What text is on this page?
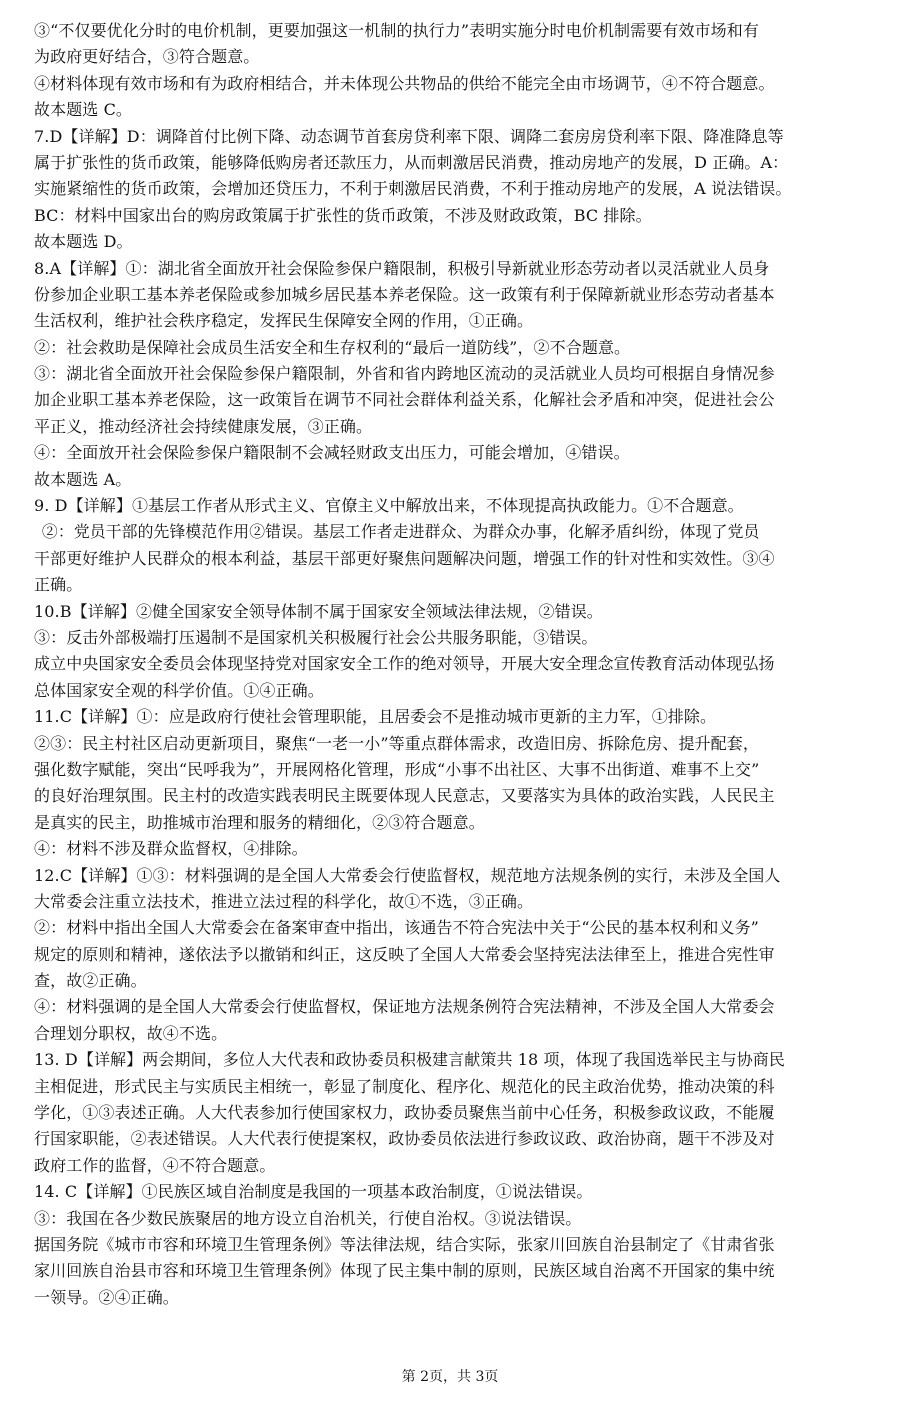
③“不仅要优化分时的电价机制，更要加强这一机制的执行力”表明实施分时电价机制需要有效市场和有
为政府更好结合，③符合题意。
④材料体现有效市场和有为政府相结合，并未体现公共物品的供给不能完全由市场调节，④不符合题意。
故本题选 C。
7.D【详解】D：调降首付比例下降、动态调节首套房贷利率下限、调降二套房房贷利率下限、降准降息等
属于扩张性的货币政策，能够降低购房者还款压力，从而刺激居民消费，推动房地产的发展，D 正确。A：
实施紧缩性的货币政策，会增加还贷压力，不利于刺激居民消费，不利于推动房地产的发展，A 说法错误。
BC：材料中国家出台的购房政策属于扩张性的货币政策，不涉及财政政策，BC 排除。
故本题选 D。
8.A【详解】①：湖北省全面放开社会保险参保户籍限制，积极引导新就业形态劳动者以灵活就业人员身
份参加企业职工基本养老保险或参加城乡居民基本养老保险。这一政策有利于保障新就业形态劳动者基本
生活权利，维护社会秩序稳定，发挥民生保障安全网的作用，①正确。
②：社会救助是保障社会成员生活安全和生存权利的“最后一道防线”，②不合题意。
③：湖北省全面放开社会保险参保户籍限制，外省和省内跨地区流动的灵活就业人员均可根据自身情况参
加企业职工基本养老保险，这一政策旨在调节不同社会群体利益关系，化解社会矛盾和冲突，促进社会公
平正义，推动经济社会持续健康发展，③正确。
④：全面放开社会保险参保户籍限制不会减轻财政支出压力，可能会增加，④错误。
故本题选 A。
9. D【详解】①基层工作者从形式主义、官僚主义中解放出来，不体现提高执政能力。①不合题意。
②：党员干部的先锋模范作用②错误。基层工作者走进群众、为群众办事，化解矛盾纠纷，体现了党员
干部更好维护人民群众的根本利益，基层干部更好聚焦问题解决问题，增强工作的针对性和实效性。③④
正确。
10.B【详解】②健全国家安全领导体制不属于国家安全领域法律法规，②错误。
③：反击外部极端打压遏制不是国家机关积极履行社会公共服务职能，③错误。
成立中央国家安全委员会体现坚持党对国家安全工作的绝对领导，开展大安全理念宣传教育活动体现弘扬
总体国家安全观的科学价值。①④正确。
11.C【详解】①：应是政府行使社会管理职能，且居委会不是推动城市更新的主力军，①排除。
②③：民主村社区启动更新项目，聚焦“一老一小”等重点群体需求，改造旧房、拆除危房、提升配套，
强化数字赋能，突出“民呼我为”，开展网格化管理，形成“小事不出社区、大事不出街道、难事不上交”
的良好治理氛围。民主村的改造实践表明民主既要体现人民意志，又要落实为具体的政治实践，人民民主
是真实的民主，助推城市治理和服务的精细化，②③符合题意。
④：材料不涉及群众监督权，④排除。
12.C【详解】①③：材料强调的是全国人大常委会行使监督权，规范地方法规条例的实行，未涉及全国人
大常委会注重立法技术，推进立法过程的科学化，故①不选，③正确。
②：材料中指出全国人大常委会在备案审查中指出，该通告不符合宪法中关于“公民的基本权利和义务”
规定的原则和精神，遂依法予以撤销和纠正，这反映了全国人大常委会坚持宪法法律至上，推进合宪性审
查，故②正确。
④：材料强调的是全国人大常委会行使监督权，保证地方法规条例符合宪法精神，不涉及全国人大常委会
合理划分职权，故④不选。
13. D【详解】两会期间，多位人大代表和政协委员积极建言献策共 18 项，体现了我国选举民主与协商民
主相促进，形式民主与实质民主相统一，彰显了制度化、程序化、规范化的民主政治优势，推动决策的科
学化，①③表述正确。人大代表参加行使国家权力，政协委员聚焦当前中心任务，积极参政议政，不能履
行国家职能，②表述错误。人大代表行使提案权，政协委员依法进行参政议政、政治协商，题干不涉及对
政府工作的监督，④不符合题意。
14. C【详解】①民族区域自治制度是我国的一项基本政治制度，①说法错误。
③：我国在各少数民族聚居的地方设立自治机关，行使自治权。③说法错误。
据国务院《城市市容和环境卫生管理条例》等法律法规，结合实际，张家川回族自治县制定了《甘肃省张
家川回族自治县市容和环境卫生管理条例》体现了民主集中制的原则，民族区域自治离不开国家的集中统
一领导。②④正确。
第 2页，共 3页
